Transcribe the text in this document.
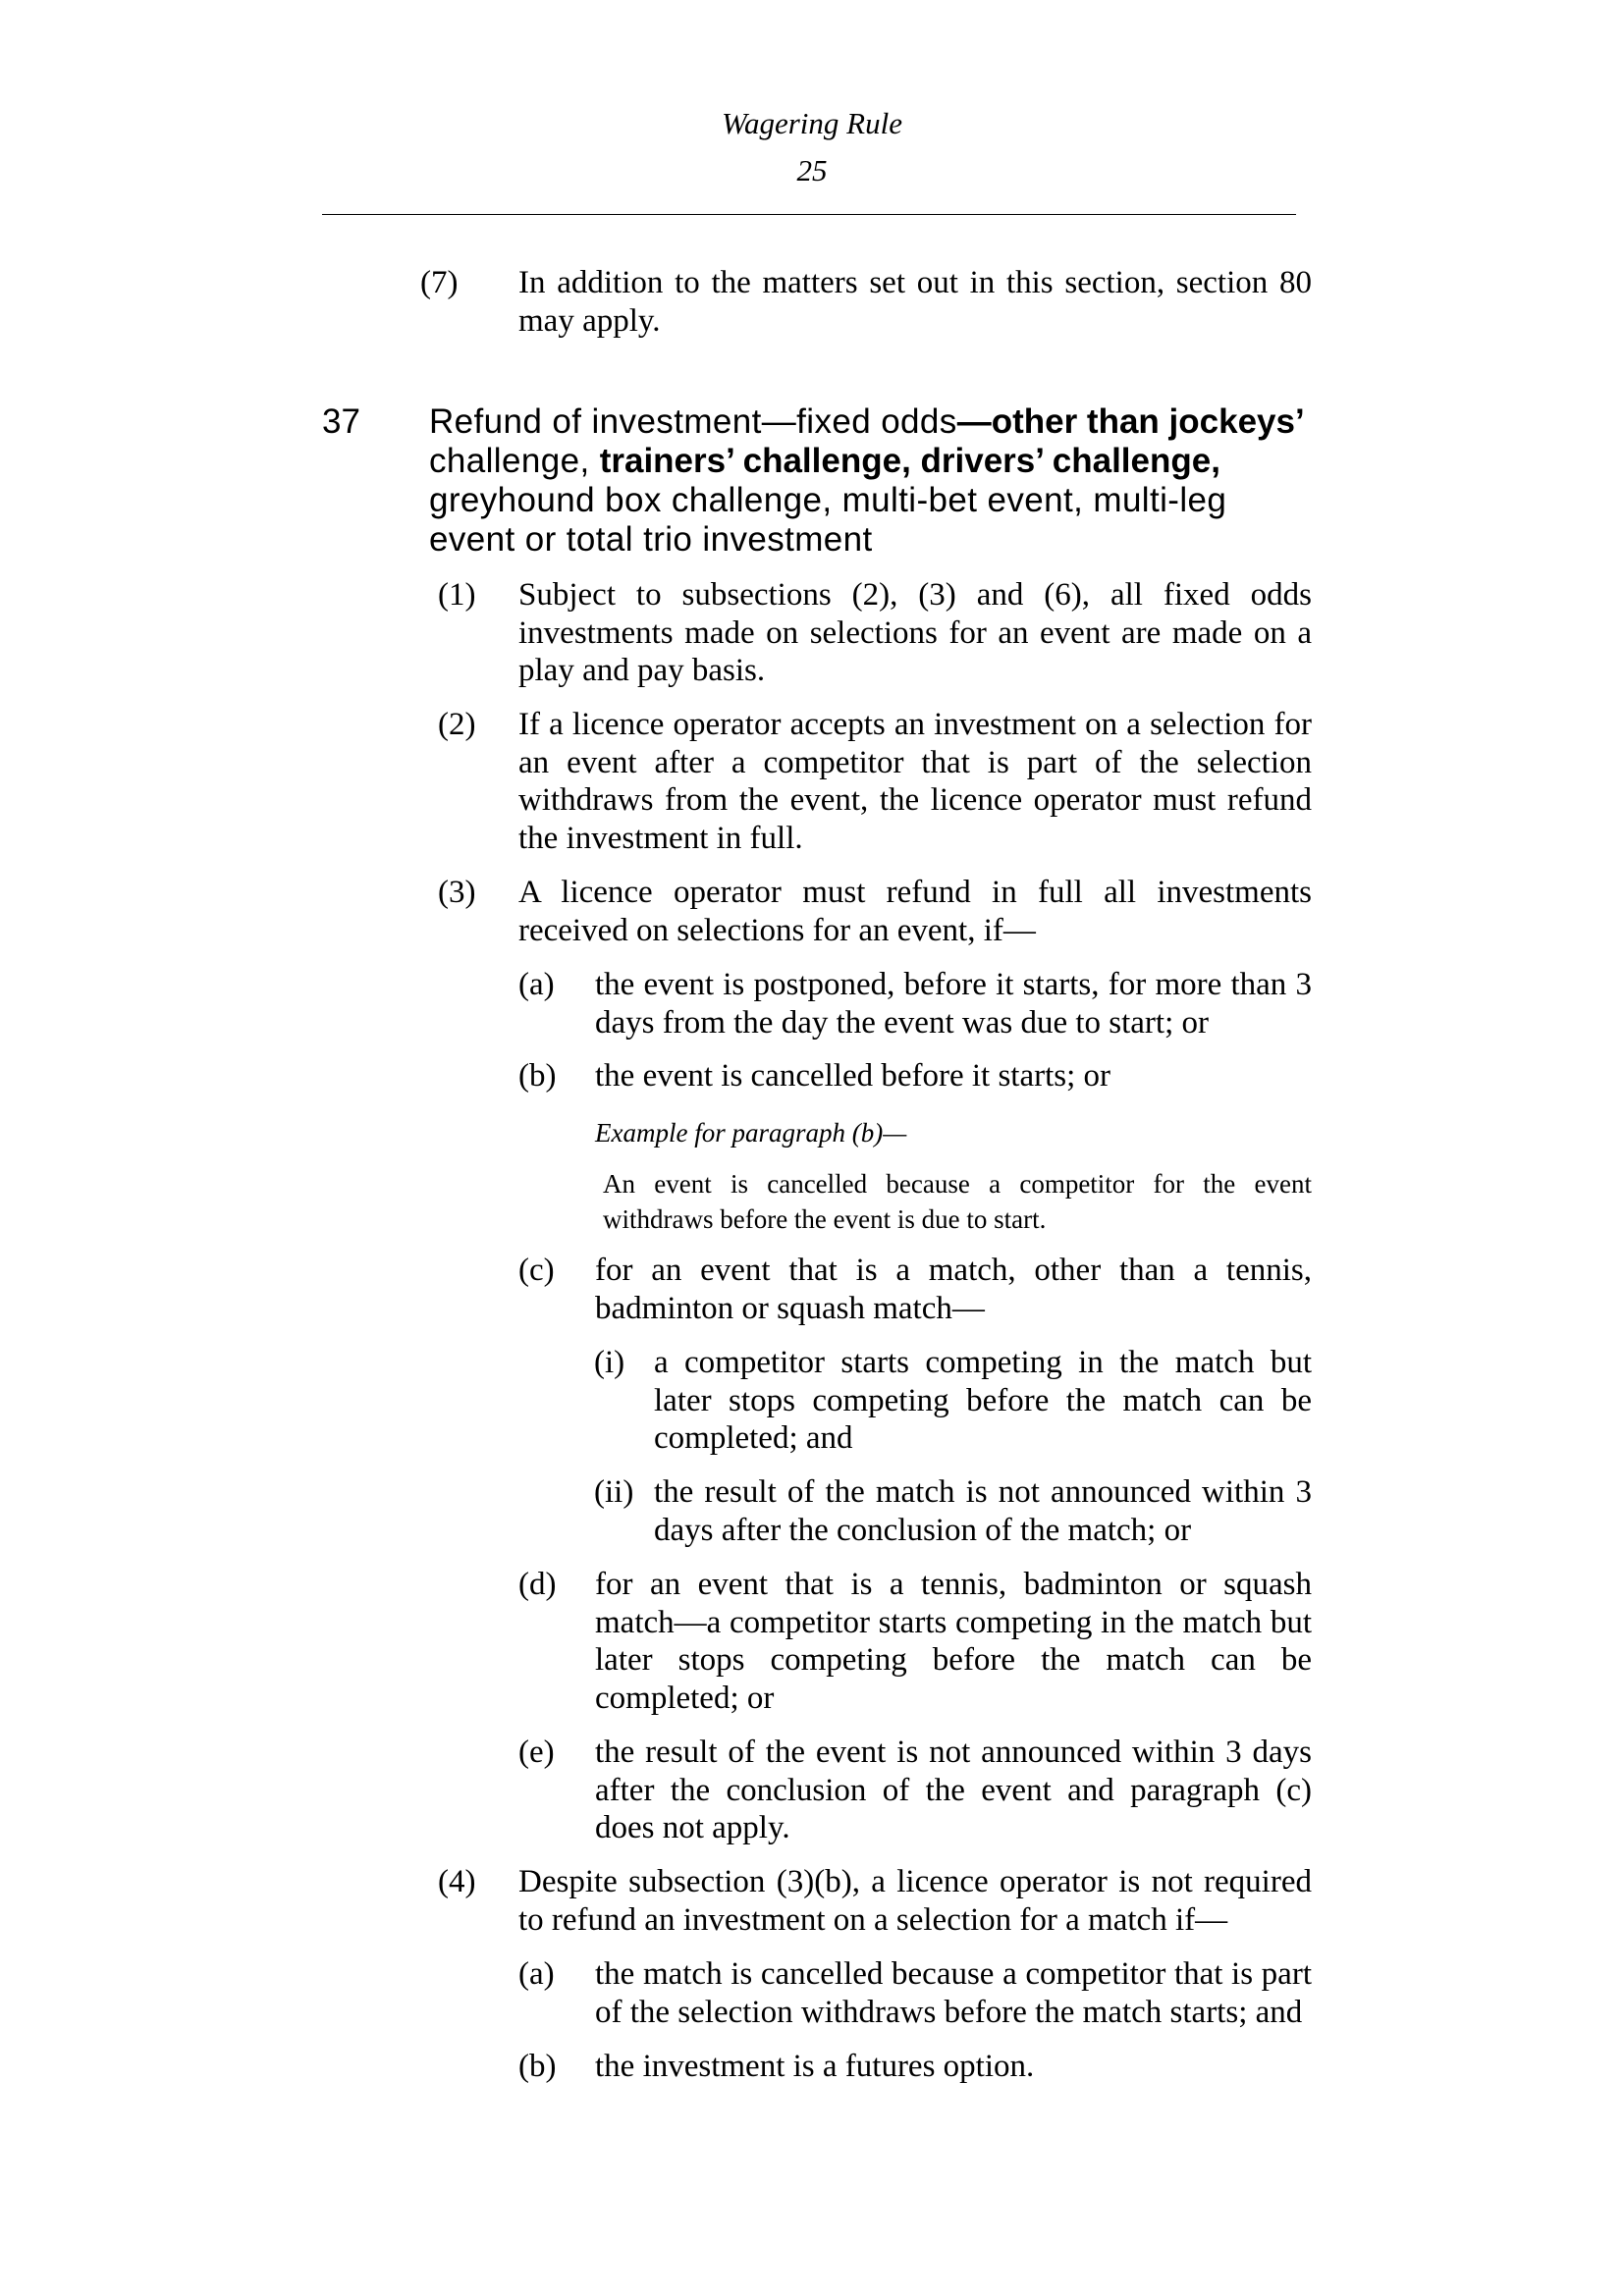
Wagering Rule
25
(7) In addition to the matters set out in this section, section 80 may apply.
37 Refund of investment—fixed odds—other than jockeys’ challenge, trainers’ challenge, drivers’ challenge, greyhound box challenge, multi-bet event, multi-leg event or total trio investment
(1) Subject to subsections (2), (3) and (6), all fixed odds investments made on selections for an event are made on a play and pay basis.
(2) If a licence operator accepts an investment on a selection for an event after a competitor that is part of the selection withdraws from the event, the licence operator must refund the investment in full.
(3) A licence operator must refund in full all investments received on selections for an event, if—
(a) the event is postponed, before it starts, for more than 3 days from the day the event was due to start; or
(b) the event is cancelled before it starts; or
Example for paragraph (b)—
An event is cancelled because a competitor for the event withdraws before the event is due to start.
(c) for an event that is a match, other than a tennis, badminton or squash match—
(i) a competitor starts competing in the match but later stops competing before the match can be completed; and
(ii) the result of the match is not announced within 3 days after the conclusion of the match; or
(d) for an event that is a tennis, badminton or squash match—a competitor starts competing in the match but later stops competing before the match can be completed; or
(e) the result of the event is not announced within 3 days after the conclusion of the event and paragraph (c) does not apply.
(4) Despite subsection (3)(b), a licence operator is not required to refund an investment on a selection for a match if—
(a) the match is cancelled because a competitor that is part of the selection withdraws before the match starts; and
(b) the investment is a futures option.
